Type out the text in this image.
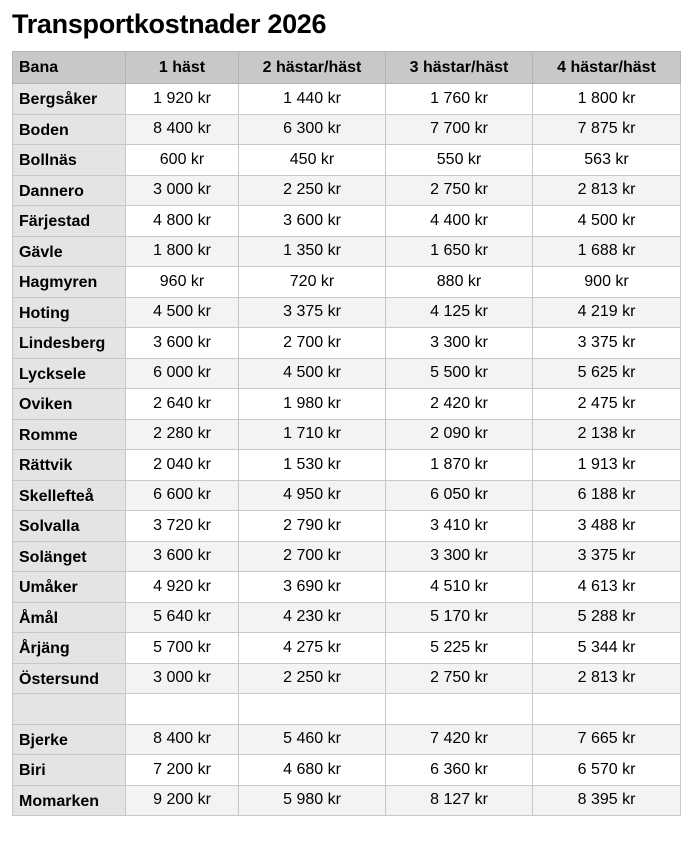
Transportkostnader 2026
Bana	1 häst	2 hästar/häst	3 hästar/häst	4 hästar/häst
Bergsåker	1 920 kr	1 440 kr	1 760 kr	1 800 kr
Boden	8 400 kr	6 300 kr	7 700 kr	7 875 kr
Bollnäs	600 kr	450 kr	550 kr	563 kr
Dannero	3 000 kr	2 250 kr	2 750 kr	2 813 kr
Färjestad	4 800 kr	3 600 kr	4 400 kr	4 500 kr
Gävle	1 800 kr	1 350 kr	1 650 kr	1 688 kr
Hagmyren	960 kr	720 kr	880 kr	900 kr
Hoting	4 500 kr	3 375 kr	4 125 kr	4 219 kr
Lindesberg	3 600 kr	2 700 kr	3 300 kr	3 375 kr
Lycksele	6 000 kr	4 500 kr	5 500 kr	5 625 kr
Oviken	2 640 kr	1 980 kr	2 420 kr	2 475 kr
Romme	2 280 kr	1 710 kr	2 090 kr	2 138 kr
Rättvik	2 040 kr	1 530 kr	1 870 kr	1 913 kr
Skellefteå	6 600 kr	4 950 kr	6 050 kr	6 188 kr
Solvalla	3 720 kr	2 790 kr	3 410 kr	3 488 kr
Solänget	3 600 kr	2 700 kr	3 300 kr	3 375 kr
Umåker	4 920 kr	3 690 kr	4 510 kr	4 613 kr
Åmål	5 640 kr	4 230 kr	5 170 kr	5 288 kr
Årjäng	5 700 kr	4 275 kr	5 225 kr	5 344 kr
Östersund	3 000 kr	2 250 kr	2 750 kr	2 813 kr

Bjerke	8 400 kr	5 460 kr	7 420 kr	7 665 kr
Biri	7 200 kr	4 680 kr	6 360 kr	6 570 kr
Momarken	9 200 kr	5 980 kr	8 127 kr	8 395 kr
